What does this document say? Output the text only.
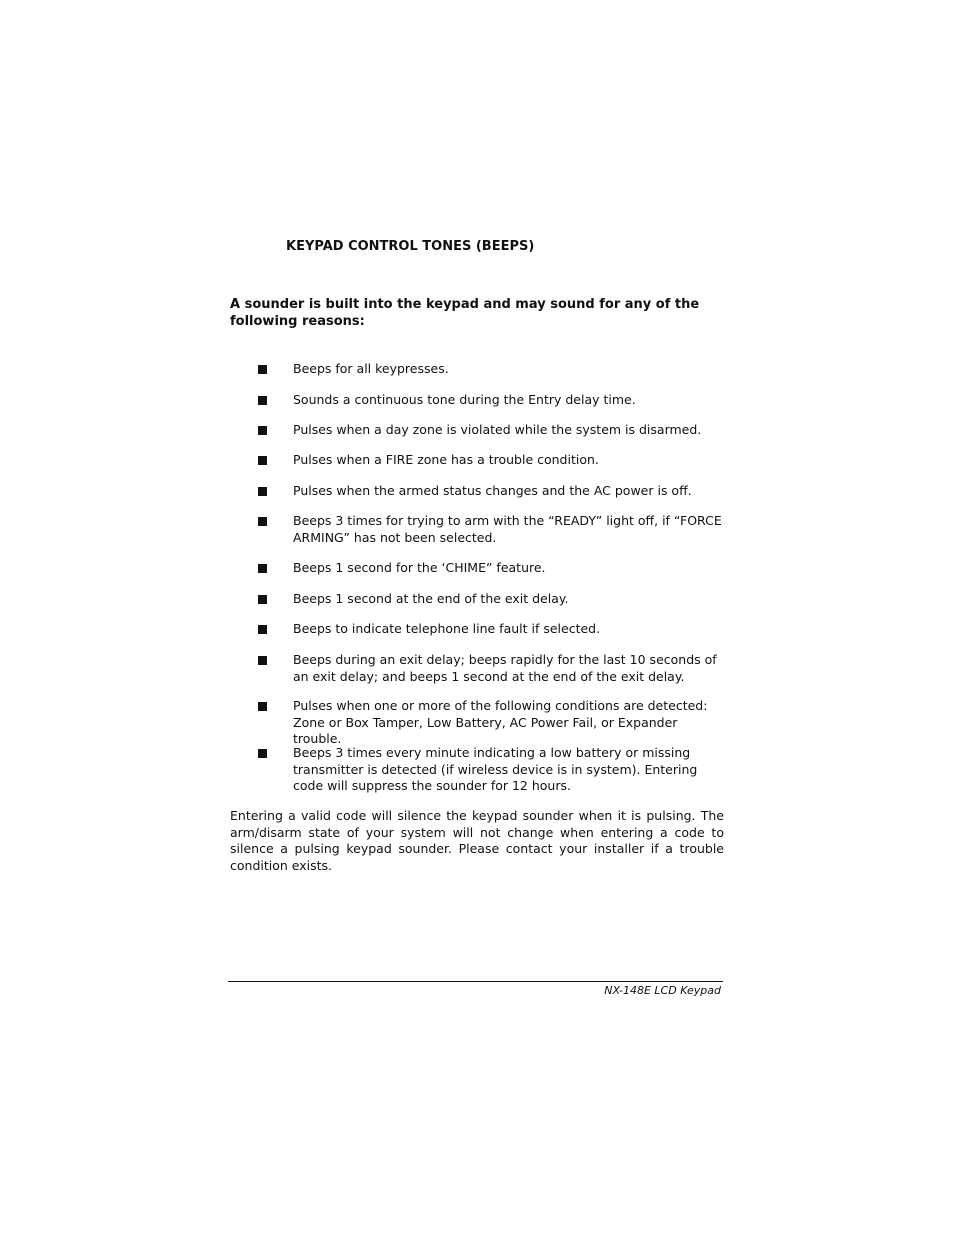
KEYPAD CONTROL TONES (BEEPS)
A sounder is built into the keypad and may sound for any of the following reasons:
Beeps for all keypresses.
Sounds a continuous tone during the Entry delay time.
Pulses when a day zone is violated while the system is disarmed.
Pulses when a FIRE zone has a trouble condition.
Pulses when the armed status changes and the AC power is off.
Beeps 3 times for trying to arm with the “READY” light off, if “FORCE ARMING” has not been selected.
Beeps 1 second for the ‘CHIME” feature.
Beeps 1 second at the end of the exit delay.
Beeps to indicate telephone line fault if selected.
Beeps during an exit delay; beeps rapidly for the last 10 seconds of an exit delay; and beeps 1 second at the end of the exit delay.
Pulses when one or more of the following conditions are detected: Zone or Box Tamper, Low Battery, AC Power Fail, or Expander trouble.
Beeps 3 times every minute indicating a low battery or missing transmitter is detected (if wireless device is in system). Entering code will suppress the sounder for 12 hours.
Entering a valid code will silence the keypad sounder when it is pulsing. The arm/disarm state of your system will not change when entering a code to silence a pulsing keypad sounder. Please contact your installer if a trouble condition exists.
NX-148E LCD Keypad
